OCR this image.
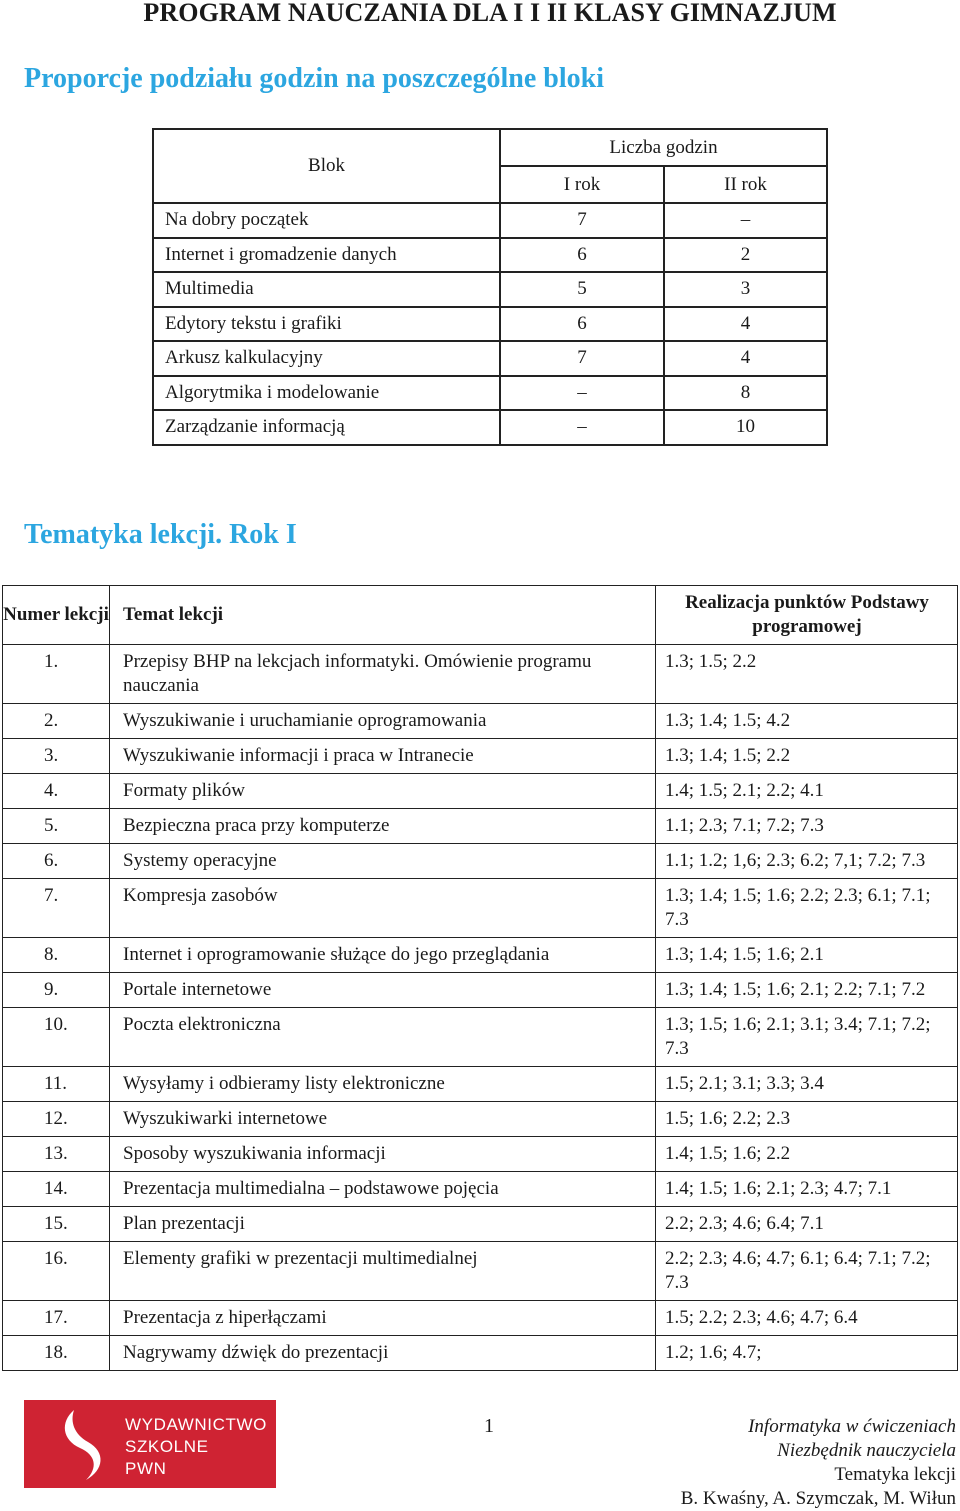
PROGRAM NAUCZANIA DLA I I II KLASY GIMNAZJUM
Proporcje podziału godzin na poszczególne bloki
Blok	Liczba godzin	
	I rok	II rok
Na dobry początek	7	–
Internet i gromadzenie danych	6	2
Multimedia	5	3
Edytory tekstu i grafiki	6	4
Arkusz kalkulacyjny	7	4
Algorytmika i modelowanie	–	8
Zarządzanie informacją	–	10
Tematyka lekcji. Rok I
Numer lekcji	Temat lekcji	Realizacja punktów Podstawy programowej
1.	Przepisy BHP na lekcjach informatyki. Omówienie programu nauczania	1.3; 1.5; 2.2
2.	Wyszukiwanie i uruchamianie oprogramowania	1.3; 1.4; 1.5; 4.2
3.	Wyszukiwanie informacji i praca w Intranecie	1.3; 1.4; 1.5; 2.2
4.	Formaty plików	1.4; 1.5; 2.1; 2.2; 4.1
5.	Bezpieczna praca przy komputerze	1.1; 2.3; 7.1; 7.2; 7.3
6.	Systemy operacyjne	1.1; 1.2; 1,6; 2.3; 6.2; 7,1; 7.2; 7.3
7.	Kompresja zasobów	1.3; 1.4; 1.5; 1.6; 2.2; 2.3; 6.1; 7.1; 7.3
8.	Internet i oprogramowanie służące do jego przeglądania	1.3; 1.4; 1.5; 1.6; 2.1
9.	Portale internetowe	1.3; 1.4; 1.5; 1.6; 2.1; 2.2; 7.1; 7.2
10.	Poczta elektroniczna	1.3; 1.5; 1.6; 2.1; 3.1; 3.4; 7.1; 7.2; 7.3
11.	Wysyłamy i odbieramy listy elektroniczne	1.5; 2.1; 3.1; 3.3; 3.4
12.	Wyszukiwarki internetowe	1.5; 1.6; 2.2; 2.3
13.	Sposoby wyszukiwania informacji	1.4; 1.5; 1.6; 2.2
14.	Prezentacja multimedialna – podstawowe pojęcia	1.4; 1.5; 1.6; 2.1; 2.3; 4.7; 7.1
15.	Plan prezentacji	2.2; 2.3; 4.6; 6.4; 7.1
16.	Elementy grafiki w prezentacji multimedialnej	2.2; 2.3; 4.6; 4.7; 6.1; 6.4; 7.1; 7.2; 7.3
17.	Prezentacja z hiperłączami	1.5; 2.2; 2.3; 4.6; 4.7; 6.4
18.	Nagrywamy dźwięk do prezentacji	1.2; 1.6; 4.7;
WYDAWNICTWO
SZKOLNE
PWN
1	Informatyka w ćwiczeniach
Niezbędnik nauczyciela
Tematyka lekcji
B. Kwaśny, A. Szymczak, M. Wiłun
